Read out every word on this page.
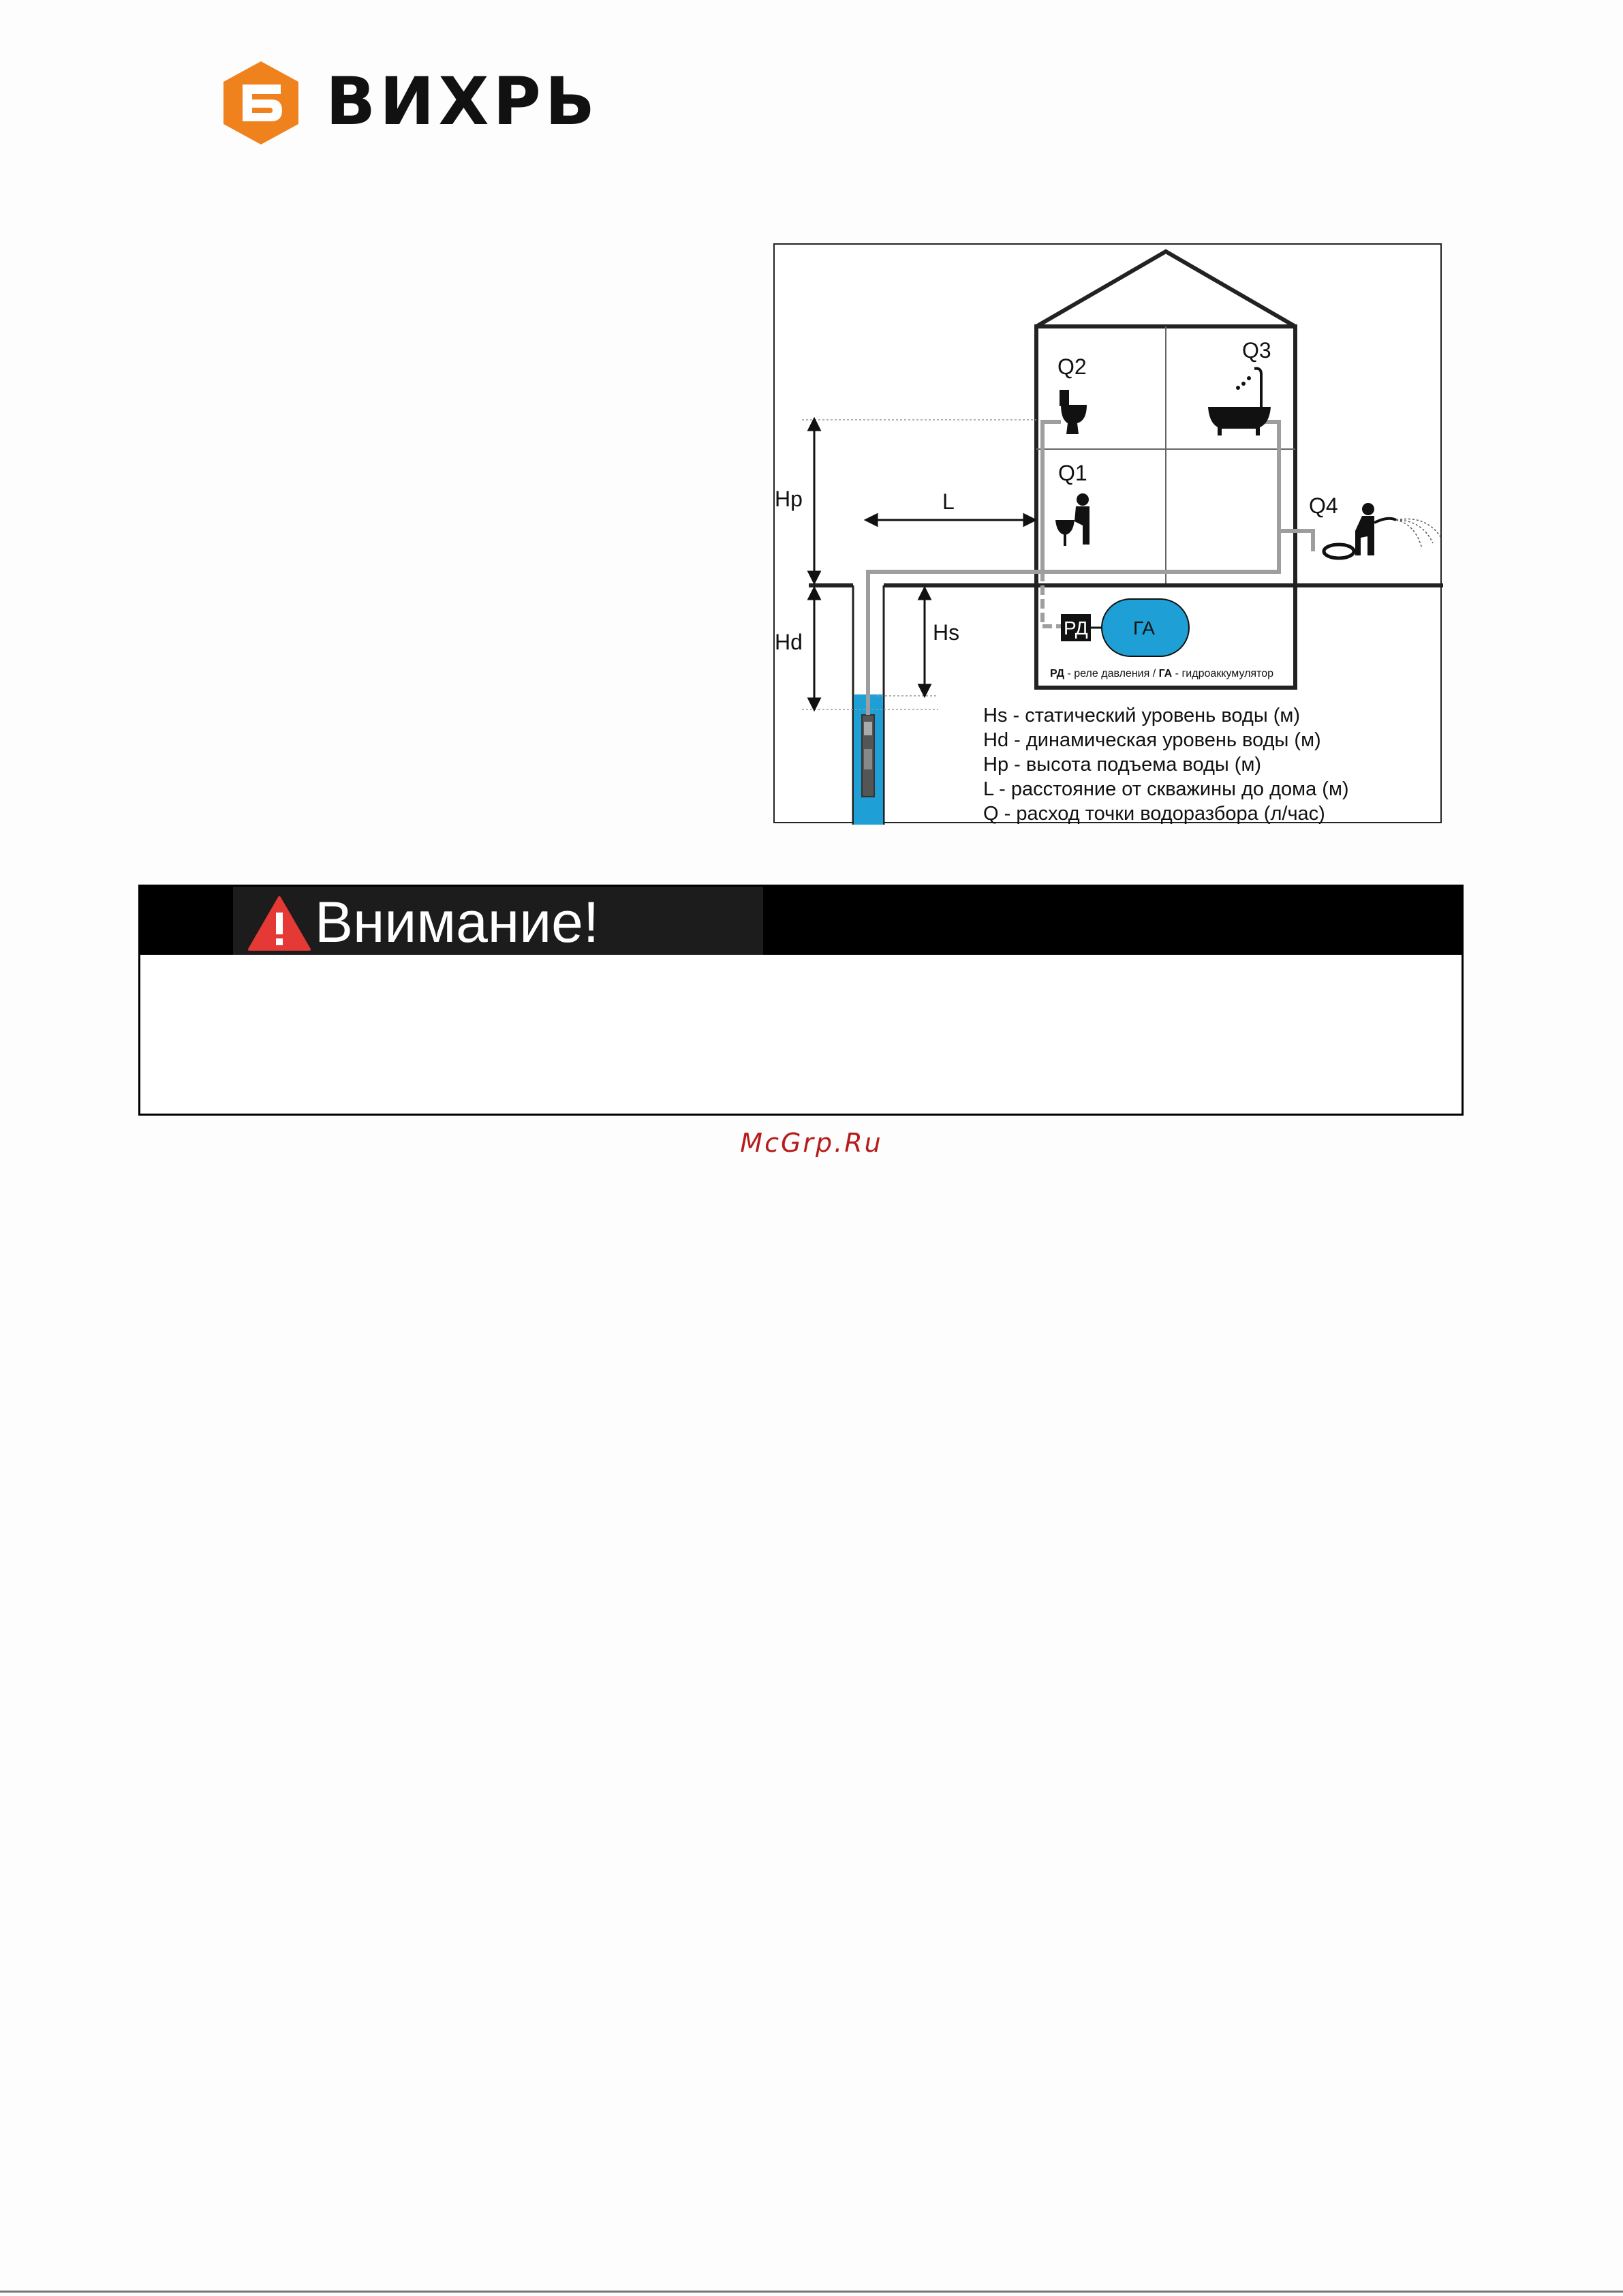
ВИХРЬ
Q2
Q3
Q1
Q4
Hp
Hd	Hs
L
РД ГА
РД - реле давления / ГА - гидроаккумулятор
Hs - статический уровень воды (м)
Hd - динамическая уровень воды (м)
Hp - высота подъема воды (м)
L - расстояние от скважины до дома (м)
Q - расход точки водоразбора (л/час)
Внимание!
McGrp.Ru
